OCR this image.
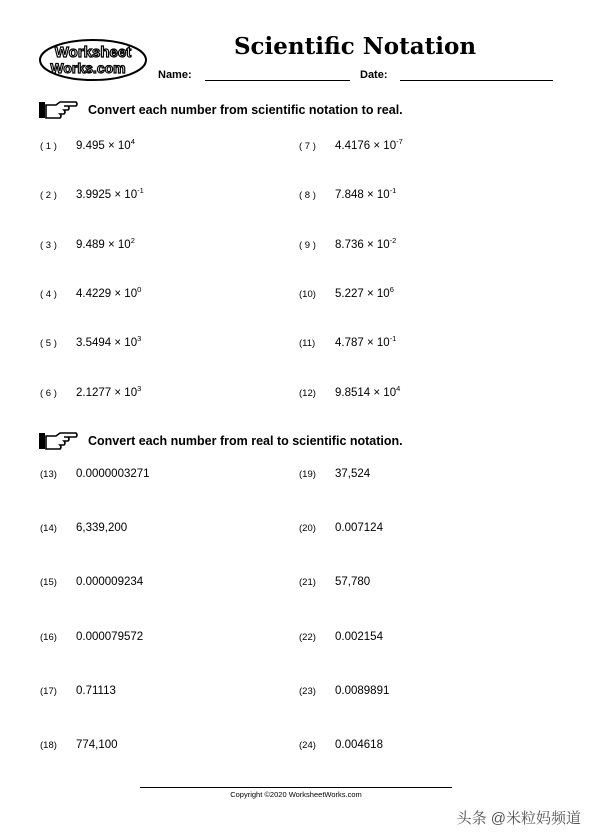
Worksheet
Works.com
Scientific Notation
Name:	Date:
Convert each number from scientific notation to real.
( 1 ) $9.495 \times 10^4$
( 2 ) $3.9925 \times 10^{-1}$
( 3 ) $9.489 \times 10^2$
( 4 ) $4.4229 \times 10^0$
( 5 ) $3.5494 \times 10^3$
( 6 ) $2.1277 \times 10^3$
( 7 ) $4.4176 \times 10^{-7}$
( 8 ) $7.848 \times 10^{-1}$
( 9 ) $8.736 \times 10^{-2}$
(10) $5.227 \times 10^6$
(11) $4.787 \times 10^{-1}$
(12) $9.8514 \times 10^4$
Convert each number from real to scientific notation.
(13) 0.0000003271
(14) 6,339,200
(15) 0.000009234
(16) 0.000079572
(17) 0.71113
(18) 774,100
(19) 37,524
(20) 0.007124
(21) 57,780
(22) 0.002154
(23) 0.0089891
(24) 0.004618
Copyright ©2020 WorksheetWorks.com
头条 @米粒妈频道
